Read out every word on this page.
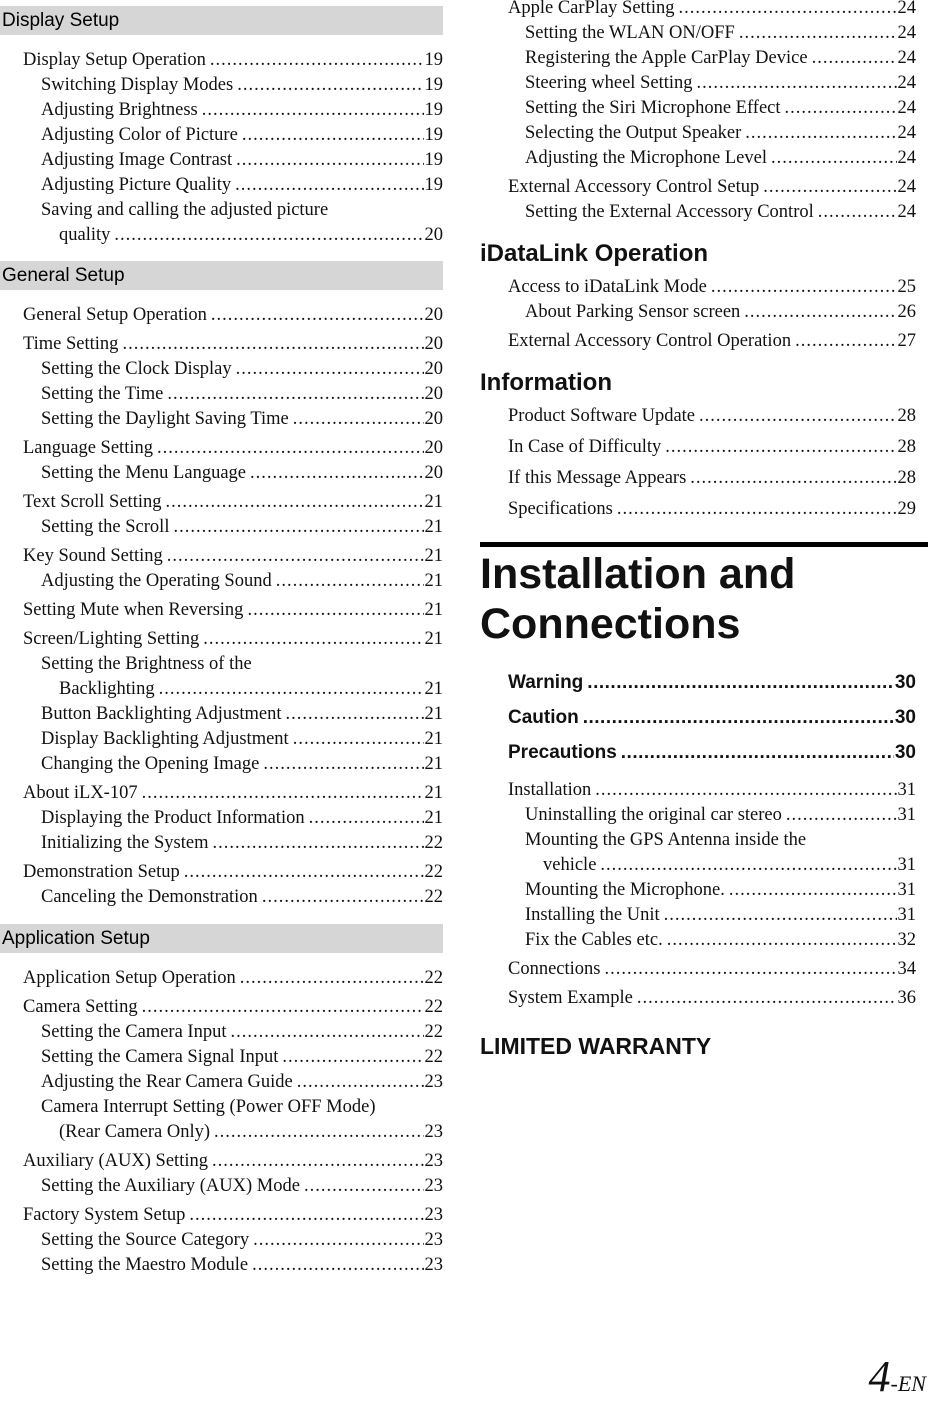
Display Setup
Display Setup Operation .....	19
Switching Display Modes .....	19
Adjusting Brightness .....	19
Adjusting Color of Picture .....	19
Adjusting Image Contrast .....	19
Adjusting Picture Quality .....	19
Saving and calling the adjusted picture
quality .....	20
General Setup
General Setup Operation .....	20
Time Setting .....	20
Setting the Clock Display .....	20
Setting the Time .....	20
Setting the Daylight Saving Time .....	20
Language Setting .....	20
Setting the Menu Language .....	20
Text Scroll Setting .....	21
Setting the Scroll .....	21
Key Sound Setting .....	21
Adjusting the Operating Sound .....	21
Setting Mute when Reversing .....	21
Screen/Lighting Setting .....	21
Setting the Brightness of the
Backlighting .....	21
Button Backlighting Adjustment .....	21
Display Backlighting Adjustment .....	21
Changing the Opening Image .....	21
About iLX-107 .....	21
Displaying the Product Information .....	21
Initializing the System .....	22
Demonstration Setup .....	22
Canceling the Demonstration .....	22
Application Setup
Application Setup Operation .....	22
Camera Setting .....	22
Setting the Camera Input .....	22
Setting the Camera Signal Input .....	22
Adjusting the Rear Camera Guide .....	23
Camera Interrupt Setting (Power OFF Mode)
(Rear Camera Only) .....	23
Auxiliary (AUX) Setting .....	23
Setting the Auxiliary (AUX) Mode .....	23
Factory System Setup .....	23
Setting the Source Category .....	23
Setting the Maestro Module .....	23
Apple CarPlay Setting .....	24
Setting the WLAN ON/OFF .....	24
Registering the Apple CarPlay Device .....	24
Steering wheel Setting .....	24
Setting the Siri Microphone Effect .....	24
Selecting the Output Speaker .....	24
Adjusting the Microphone Level .....	24
External Accessory Control Setup .....	24
Setting the External Accessory Control .....	24
iDataLink Operation
Access to iDataLink Mode .....	25
About Parking Sensor screen .....	26
External Accessory Control Operation .....	27
Information
Product Software Update .....	28
In Case of Difficulty .....	28
If this Message Appears .....	28
Specifications .....	29
Installation and
Connections
Warning .....	30
Caution .....	30
Precautions .....	30
Installation .....	31
Uninstalling the original car stereo .....	31
Mounting the GPS Antenna inside the
vehicle .....	31
Mounting the Microphone. .....	31
Installing the Unit .....	31
Fix the Cables etc. .....	32
Connections .....	34
System Example .....	36
LIMITED WARRANTY
4-EN
